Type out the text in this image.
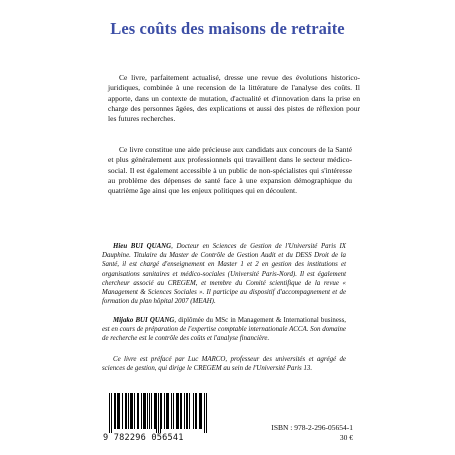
Les coûts des maisons de retraite

Ce livre, parfaitement actualisé, dresse une revue des évolutions historico-juridiques, combinée à une recension de la littérature de l'analyse des coûts. Il apporte, dans un contexte de mutation, d'actualité et d'innovation dans la prise en charge des personnes âgées, des explications et aussi des pistes de réflexion pour les futures recherches.

Ce livre constitue une aide précieuse aux candidats aux concours de la Santé et plus généralement aux professionnels qui travaillent dans le secteur médico-social. Il est également accessible à un public de non-spécialistes qui s'intéresse au problème des dépenses de santé face à une expansion démographique du quatrième âge ainsi que les enjeux politiques qui en découlent.

Hieu BUI QUANG, Docteur en Sciences de Gestion de l'Université Paris IX Dauphine. Titulaire du Master de Contrôle de Gestion Audit et du DESS Droit de la Santé, il est chargé d'enseignement en Master 1 et 2 en gestion des institutions et organisations sanitaires et médico-sociales (Université Paris-Nord). Il est également chercheur associé au CREGEM, et membre du Comité scientifique de la revue « Management & Sciences Sociales ». Il participe au dispositif d'accompagnement et de formation du plan hôpital 2007 (MEAH).

Mijako BUI QUANG, diplômée du MSc in Management & International business, est en cours de préparation de l'expertise comptable internationale ACCA. Son domaine de recherche est le contrôle des coûts et l'analyse financière.

Ce livre est préfacé par Luc MARCO, professeur des universités et agrégé de sciences de gestion, qui dirige le CREGEM au sein de l'Université Paris 13.

9 782296 056541
ISBN : 978-2-296-05654-1
30 €
